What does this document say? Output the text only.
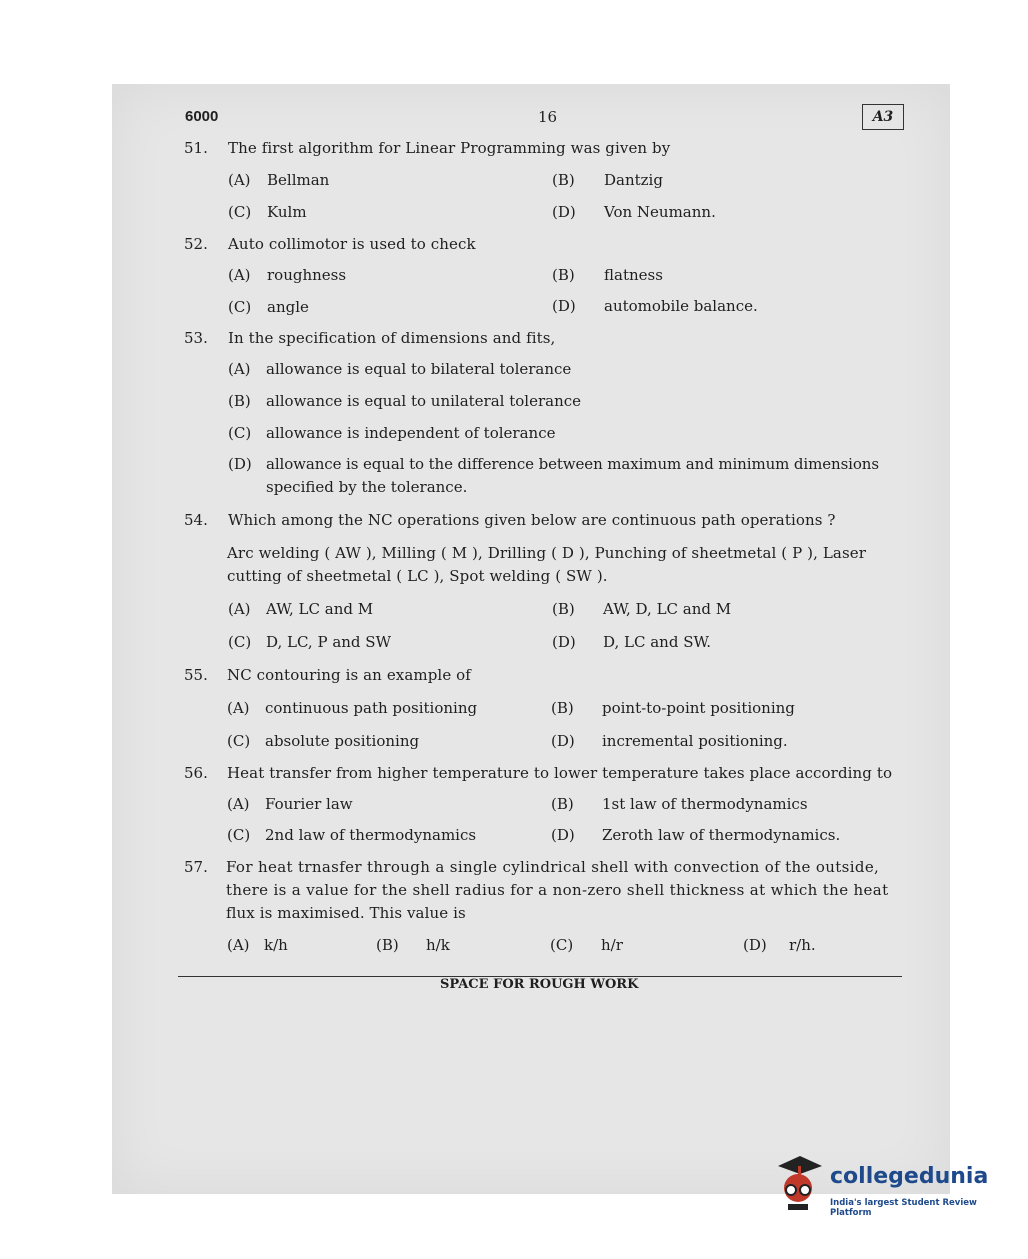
6000	16	A3
51. The first algorithm for Linear Programming was given by
(A) Bellman	(B) Dantzig
(C) Kulm	(D) Von Neumann.
52. Auto collimotor is used to check
(A) roughness	(B) flatness
(C) angle	(D) automobile balance.
53. In the specification of dimensions and fits,
(A) allowance is equal to bilateral tolerance
(B) allowance is equal to unilateral tolerance
(C) allowance is independent of tolerance
(D) allowance is equal to the difference between maximum and minimum dimensions
specified by the tolerance.
54. Which among the NC operations given below are continuous path operations ?
Arc welding ( AW ), Milling ( M ), Drilling ( D ), Punching of sheetmetal ( P ), Laser
cutting of sheetmetal ( LC ), Spot welding ( SW ).
(A) AW, LC and M	(B) AW, D, LC and M
(C) D, LC, P and SW	(D) D, LC and SW.
55. NC contouring is an example of
(A) continuous path positioning	(B) point-to-point positioning
(C) absolute positioning	(D) incremental positioning.
56. Heat transfer from higher temperature to lower temperature takes place according to
(A) Fourier law	(B) 1st law of thermodynamics
(C) 2nd law of thermodynamics	(D) Zeroth law of thermodynamics.
57. For heat trnasfer through a single cylindrical shell with convection of the outside,
there is a value for the shell radius for a non-zero shell thickness at which the heat
flux is maximised. This value is
(A) k/h	(B) h/k	(C) h/r	(D) r/h.
SPACE FOR ROUGH WORK
collegedunia
India's largest Student Review Platform
